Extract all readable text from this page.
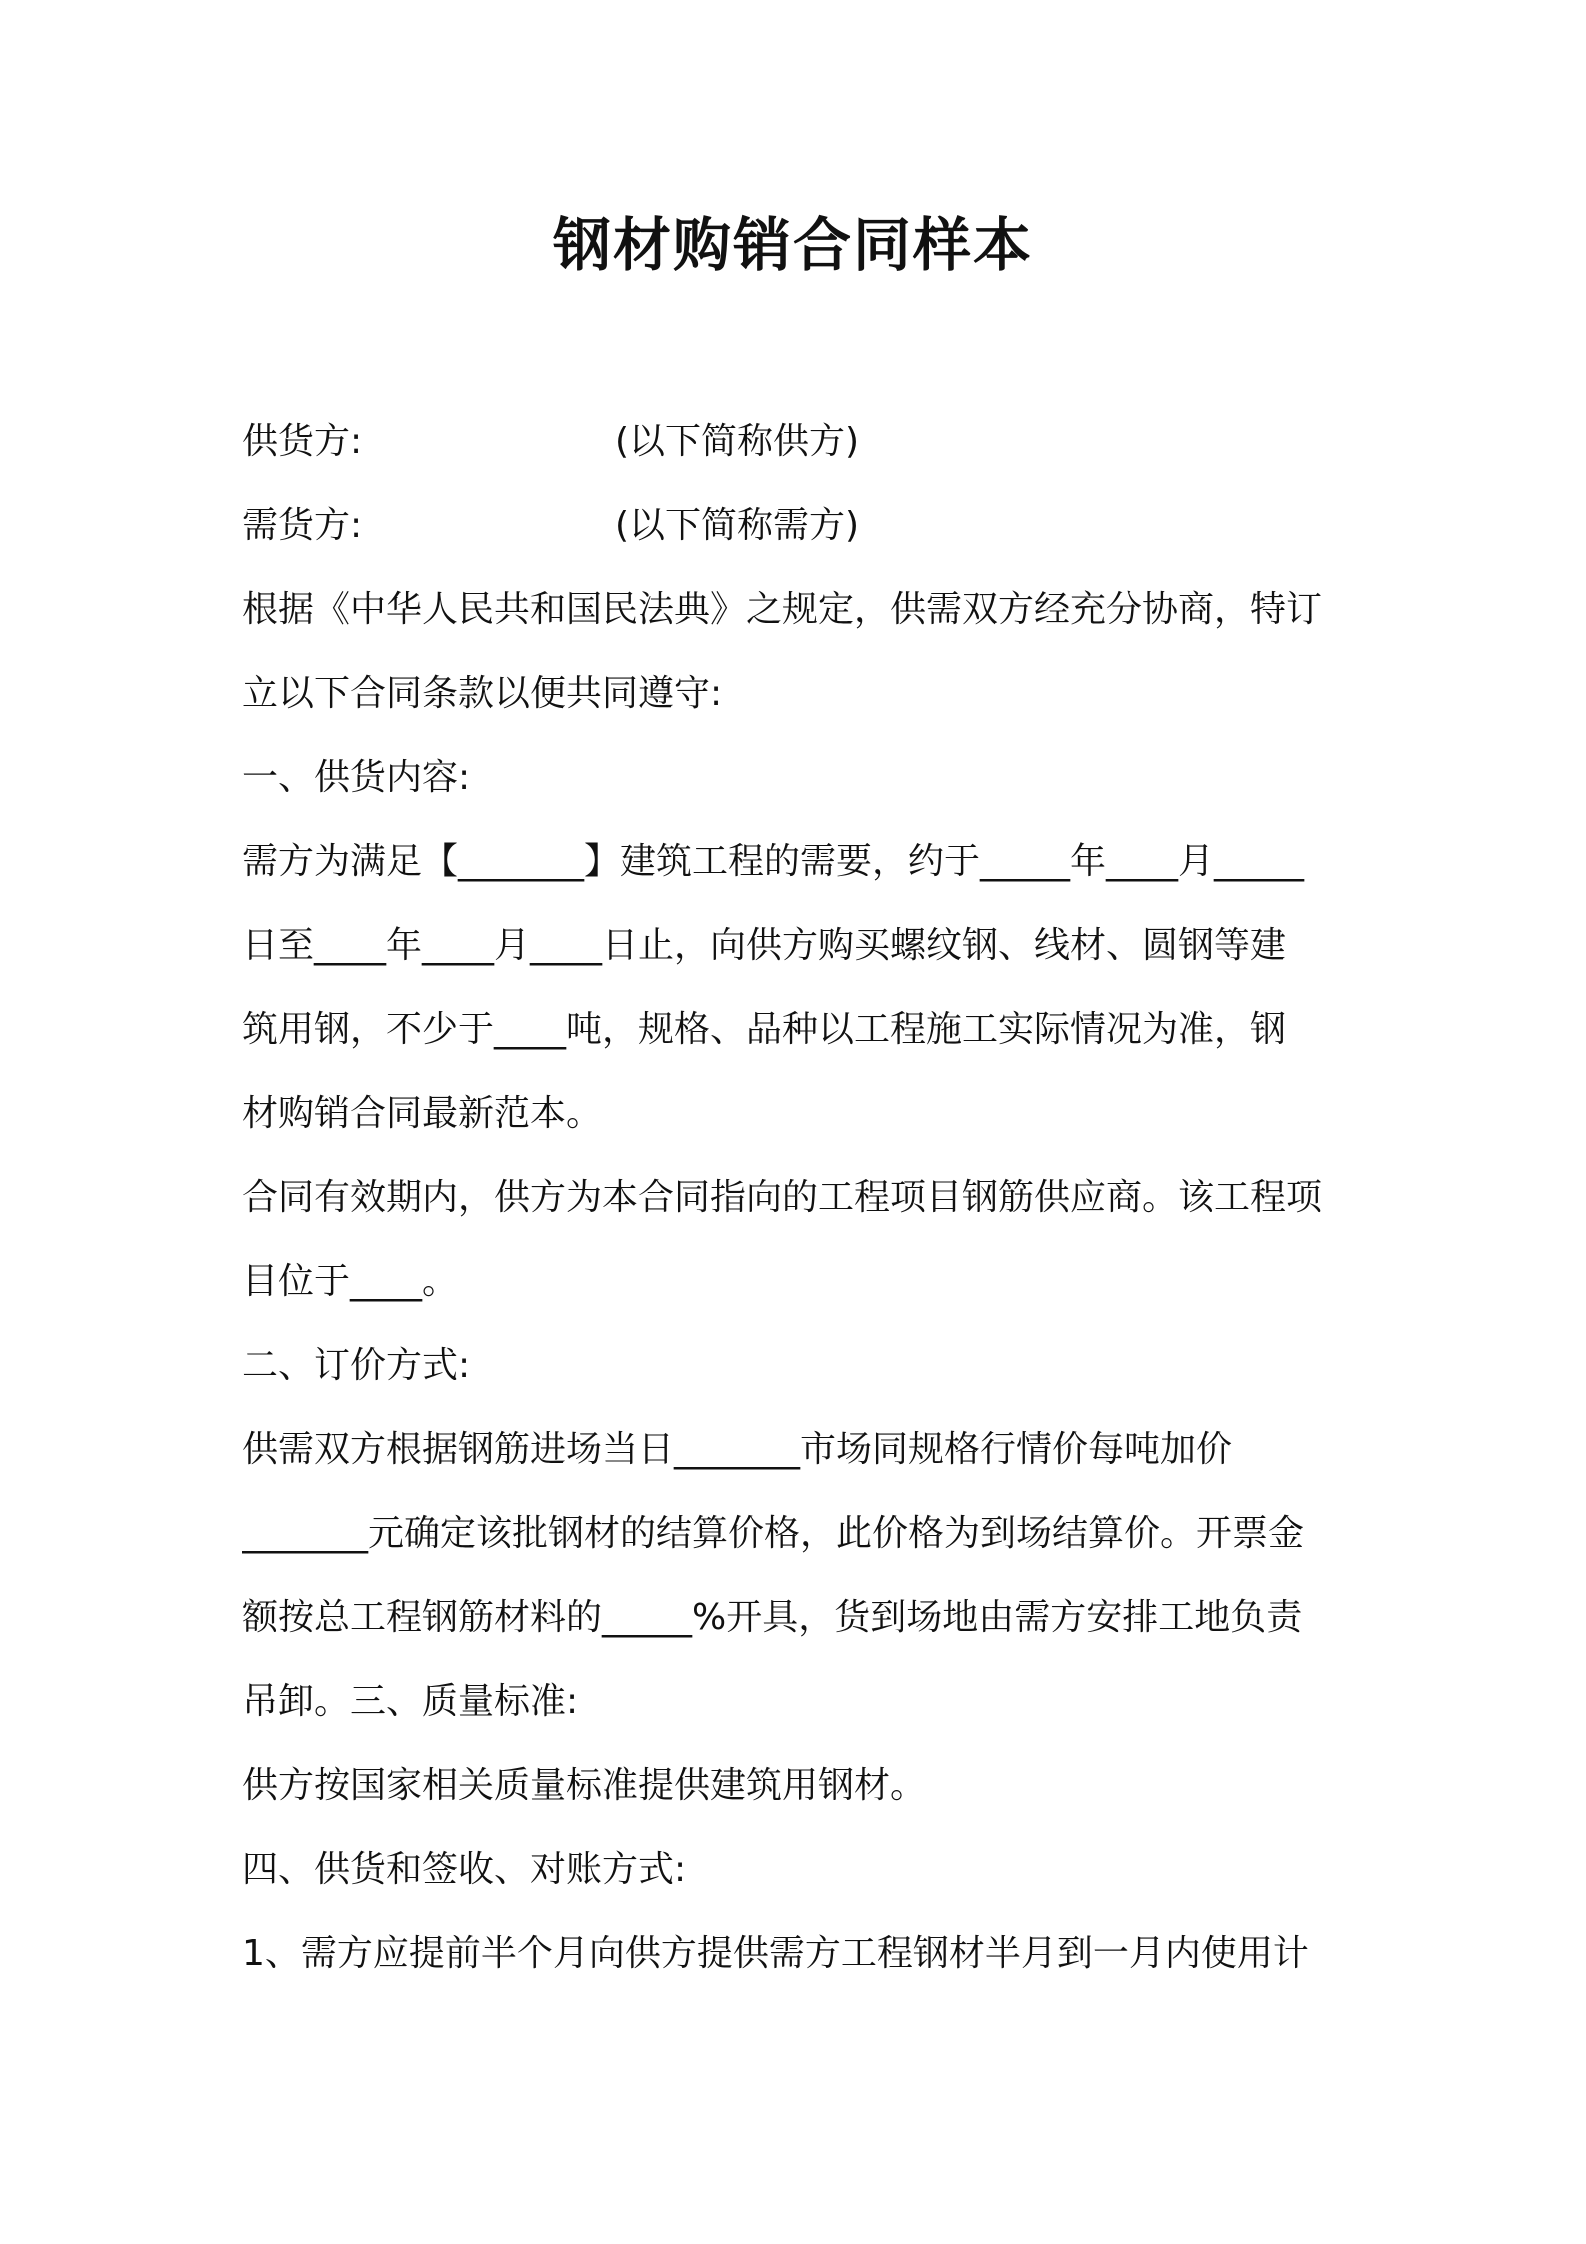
钢材购销合同样本
供货方:	(以下简称供方)
需货方:	(以下简称需方)
根据《中华人民共和国民法典》之规定，供需双方经充分协商，特订
立以下合同条款以便共同遵守:
一、供货内容:
需方为满足【_______】建筑工程的需要，约于_____年____月_____
日至____年____月____日止，向供方购买螺纹钢、线材、圆钢等建
筑用钢，不少于____吨，规格、品种以工程施工实际情况为准，钢
材购销合同最新范本。
合同有效期内，供方为本合同指向的工程项目钢筋供应商。该工程项
目位于____。
二、订价方式:
供需双方根据钢筋进场当日_______市场同规格行情价每吨加价
_______元确定该批钢材的结算价格，此价格为到场结算价。开票金
额按总工程钢筋材料的_____%开具，货到场地由需方安排工地负责
吊卸。三、质量标准:
供方按国家相关质量标准提供建筑用钢材。
四、供货和签收、对账方式:
1、需方应提前半个月向供方提供需方工程钢材半月到一月内使用计
